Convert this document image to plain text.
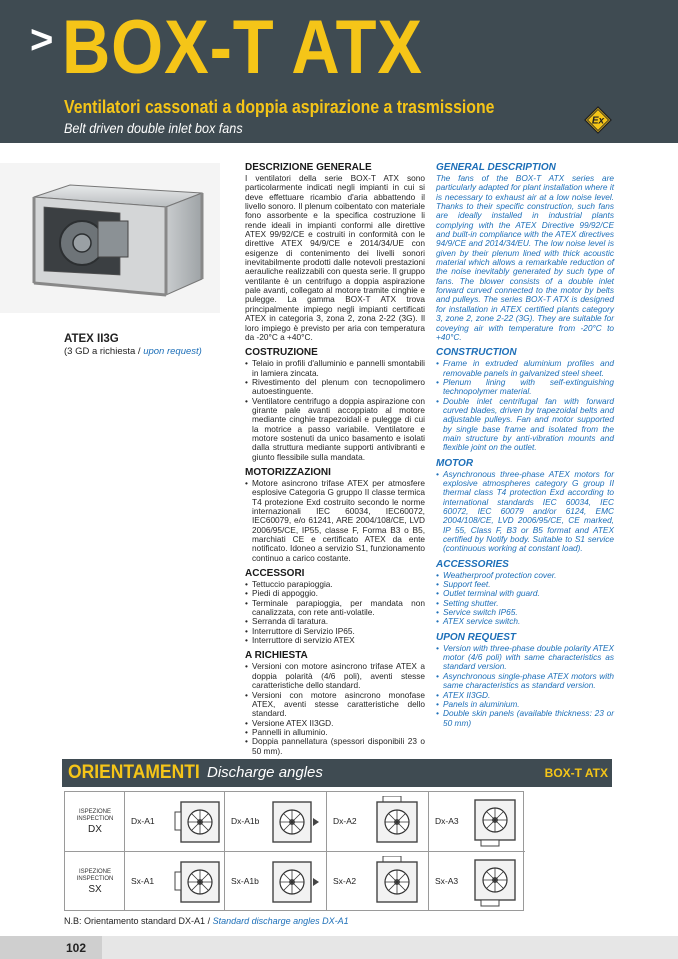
> BOX-T ATX
Ventilatori cassonati a doppia aspirazione a trasmissione
Belt driven double inlet box fans	Ex
ATEX II3G
(3 GD a richiesta / upon request)
DESCRIZIONE GENERALE
I ventilatori della serie BOX-T ATX sono particolarmente indicati negli impianti in cui si deve effettuare ricambio d'aria abbattendo il livello sonoro. Il plenum coibentato con materiale fono assorbente e la specifica costruzione li rende ideali in impianti conformi alle direttive ATEX 99/92/CE e costruiti in conformità con le direttive ATEX 94/9/CE e 2014/34/UE con esigenze di contenimento dei livelli sonori inevitabilmente prodotti dalle notevoli prestazioni aerauliche realizzabili con questa serie. Il gruppo ventilante è un centrifugo a doppia aspirazione pale avanti, collegato al motore tramite cinghie e pulegge. La gamma BOX-T ATX trova principalmente impiego negli impianti certificati ATEX in categoria 3, zona 2, zona 2-22 (3G). Il loro impiego è previsto per aria con temperatura da -20°C a +40°C.
COSTRUZIONE
• Telaio in profili d'alluminio e pannelli smontabili in lamiera zincata.
• Rivestimento del plenum con tecnopolimero autoestinguente.
• Ventilatore centrifugo a doppia aspirazione con girante pale avanti accoppiato al motore mediante cinghie trapezoidali e pulegge di cui la motrice a passo variabile. Ventilatore e motore sostenuti da unico basamento e isolati dalla struttura mediante supporti antivibranti e giunto flessibile sulla mandata.
MOTORIZZAZIONI
• Motore asincrono trifase ATEX per atmosfere esplosive Categoria G gruppo II classe termica T4 protezione Exd costruito secondo le norme internazionali IEC 60034, IEC60072, IEC60079, e/o 61241, ARE 2004/108/CE, LVD 2006/95/CE, IP55, classe F, Forma B3 o B5, marchiati CE e certificato ATEX da ente notificato. Idoneo a servizio S1, funzionamento continuo a carico costante.
ACCESSORI
• Tettuccio parapioggia.
• Piedi di appoggio.
• Terminale parapioggia, per mandata non canalizzata, con rete anti-volatile.
• Serranda di taratura.
• Interruttore di Servizio IP65.
• Interruttore di servizio ATEX
A RICHIESTA
• Versioni con motore asincrono trifase ATEX a doppia polarità (4/6 poli), aventi stesse caratteristiche dello standard.
• Versioni con motore asincrono monofase ATEX, aventi stesse caratteristiche dello standard.
• Versione ATEX II3GD.
• Pannelli in alluminio.
• Doppia pannellatura (spessori disponibili 23 o 50 mm).
GENERAL DESCRIPTION
The fans of the BOX-T ATX series are particularly adapted for plant installation where it is necessary to exhaust air at a low noise level. Thanks to their specific construction, such fans are ideally installed in industrial plants complying with the ATEX Directive 99/92/CE and built-in compliance with the ATEX directives 94/9/CE and 2014/34/EU. The low noise level is given by their plenum lined with thick acoustic material which allows a remarkable reduction of the noise inevitably generated by such type of fans. The blower consists of a double inlet forward curved connected to the motor by belts and pulleys. The series BOX-T ATX is designed for installation in ATEX certified plants category 3, zone 2, zone 2-22 (3G). They are suitable for coveying air with temperature from -20°C to +40°C.
CONSTRUCTION
• Frame in extruded aluminium profiles and removable panels in galvanized steel sheet.
• Plenum lining with self-extinguishing technopolymer material.
• Double inlet centrifugal fan with forward curved blades, driven by trapezoidal belts and adjustable pulleys. Fan and motor supported by single base frame and isolated from the main structure by anti-vibration mounts and flexible joint on the outlet.
MOTOR
• Asynchronous three-phase ATEX motors for explosive atmospheres category G group II thermal class T4 protection Exd according to international standards IEC 60034, IEC 60072, IEC 60079 and/or 6124, EMC 2004/108/CE, LVD 2006/95/CE, CE marked, IP 55, Class F, B3 or B5 format and ATEX certified by Notify body. Suitable to S1 service (continuous working at constant load).
ACCESSORIES
• Weatherproof protection cover.
• Support feet.
• Outlet terminal with guard.
• Setting shutter.
• Service switch IP65.
• ATEX service switch.
UPON REQUEST
• Version with three-phase double polarity ATEX motor (4/6 poli) with same characteristics as standard version.
• Asynchronous single-phase ATEX motors with same characteristics as standard version.
• ATEX II3GD.
• Panels in aluminium.
• Double skin panels (available thickness: 23 or 50 mm)
ORIENTAMENTI Discharge angles	BOX-T ATX
ISPEZIONE
INSPECTION
DX
Dx-A1	Dx-A1b	Dx-A2	Dx-A3
ISPEZIONE
INSPECTION
SX
Sx-A1	Sx-A1b	Sx-A2	Sx-A3
N.B: Orientamento standard DX-A1 / Standard discharge angles DX-A1
102
